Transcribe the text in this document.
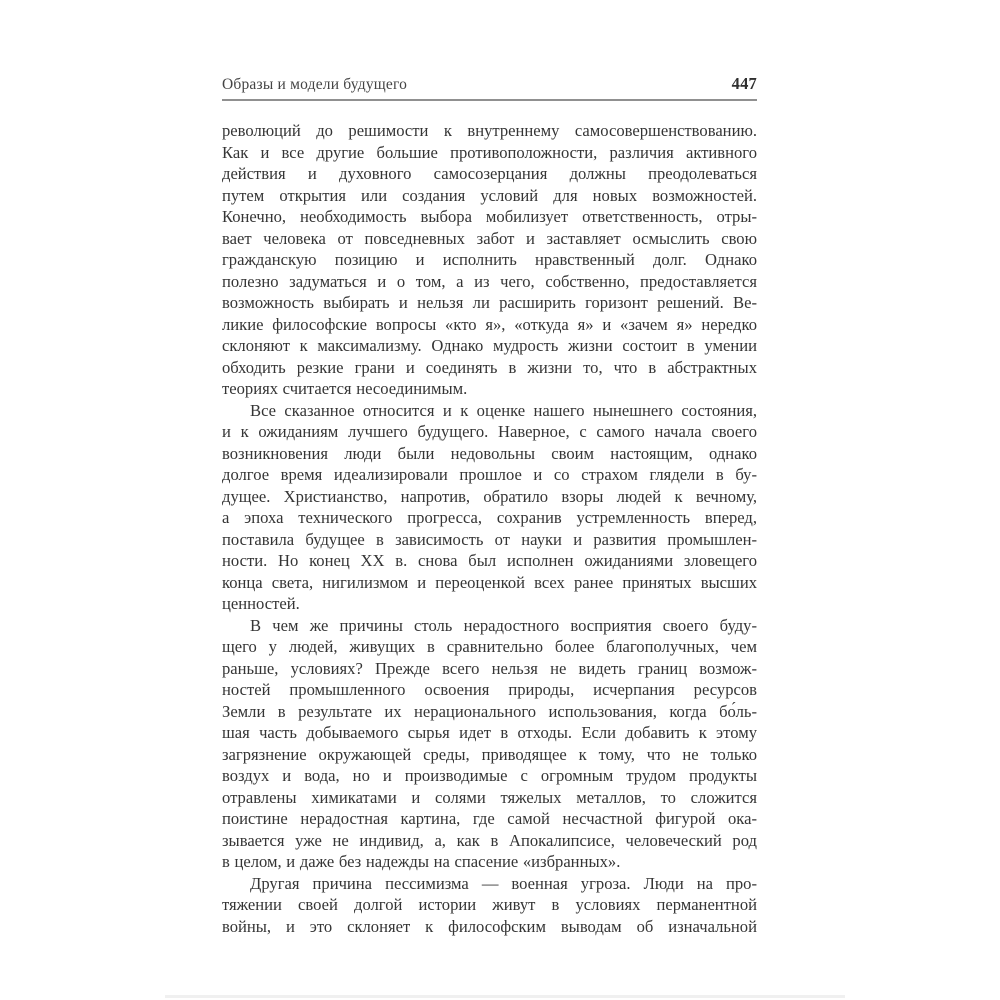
Образы и модели будущего	447
революций до решимости к внутреннему самосовершенствованию.
Как и все другие большие противоположности, различия активного
действия и духовного самосозерцания должны преодолеваться
путем открытия или создания условий для новых возможностей.
Конечно, необходимость выбора мобилизует ответственность, отры-
вает человека от повседневных забот и заставляет осмыслить свою
гражданскую позицию и исполнить нравственный долг. Однако
полезно задуматься и о том, а из чего, собственно, предоставляется
возможность выбирать и нельзя ли расширить горизонт решений. Ве-
ликие философские вопросы «кто я», «откуда я» и «зачем я» нередко
склоняют к максимализму. Однако мудрость жизни состоит в умении
обходить резкие грани и соединять в жизни то, что в абстрактных
теориях считается несоединимым.
Все сказанное относится и к оценке нашего нынешнего состояния,
и к ожиданиям лучшего будущего. Наверное, с самого начала своего
возникновения люди были недовольны своим настоящим, однако
долгое время идеализировали прошлое и со страхом глядели в бу-
дущее. Христианство, напротив, обратило взоры людей к вечному,
а эпоха технического прогресса, сохранив устремленность вперед,
поставила будущее в зависимость от науки и развития промышлен-
ности. Но конец XX в. снова был исполнен ожиданиями зловещего
конца света, нигилизмом и переоценкой всех ранее принятых высших
ценностей.
В чем же причины столь нерадостного восприятия своего буду-
щего у людей, живущих в сравнительно более благополучных, чем
раньше, условиях? Прежде всего нельзя не видеть границ возмож-
ностей промышленного освоения природы, исчерпания ресурсов
Земли в результате их нерационального использования, когда бо́ль-
шая часть добываемого сырья идет в отходы. Если добавить к этому
загрязнение окружающей среды, приводящее к тому, что не только
воздух и вода, но и производимые с огромным трудом продукты
отравлены химикатами и солями тяжелых металлов, то сложится
поистине нерадостная картина, где самой несчастной фигурой ока-
зывается уже не индивид, а, как в Апокалипсисе, человеческий род
в целом, и даже без надежды на спасение «избранных».
Другая причина пессимизма — военная угроза. Люди на про-
тяжении своей долгой истории живут в условиях перманентной
войны, и это склоняет к философским выводам об изначальной
